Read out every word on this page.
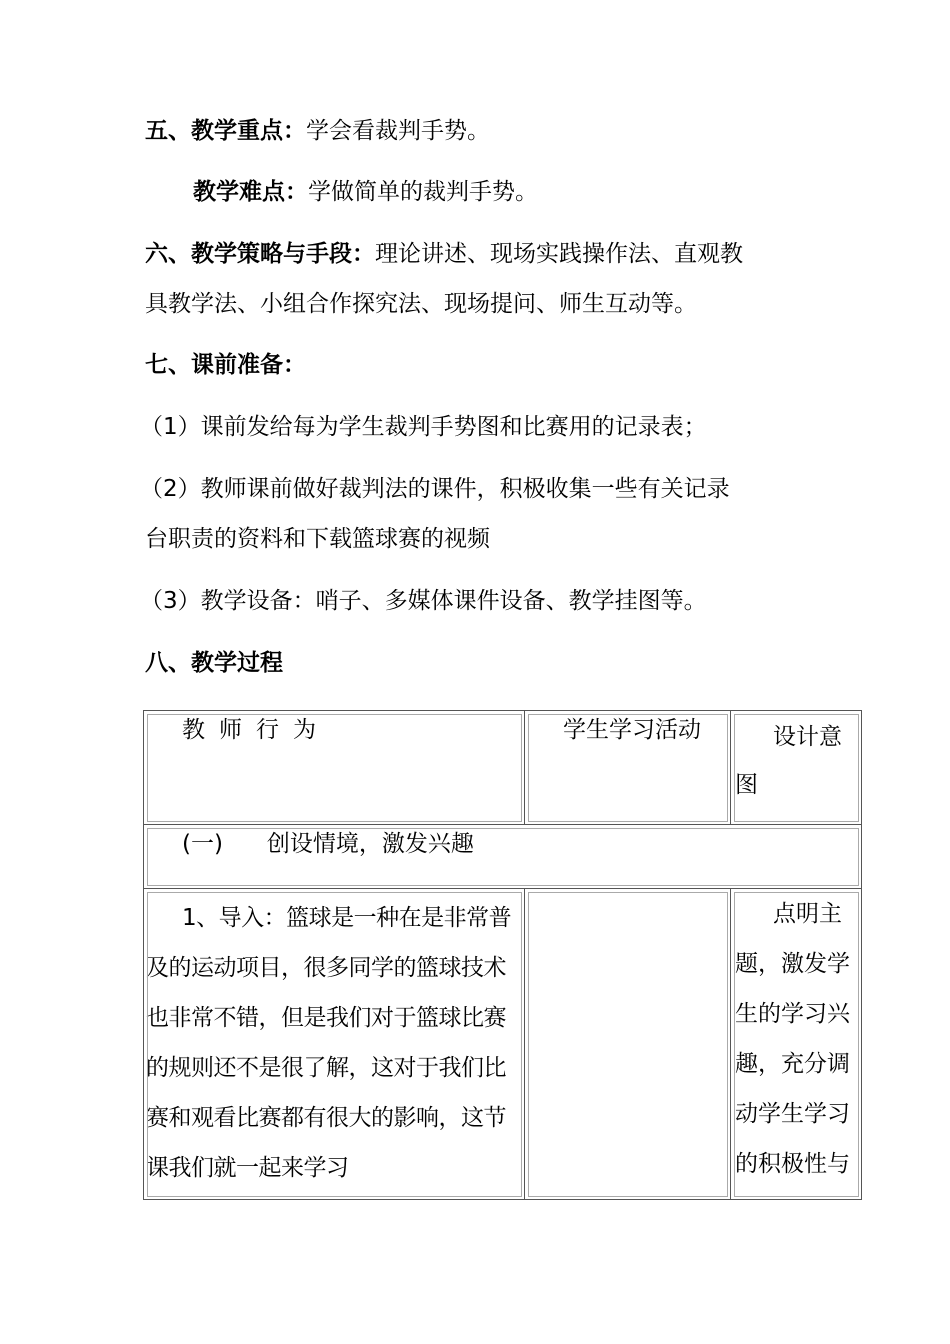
五、教学重点：学会看裁判手势。
教学难点：学做简单的裁判手势。
六、教学策略与手段：理论讲述、现场实践操作法、直观教
具教学法、小组合作探究法、现场提问、师生互动等。
七、课前准备：
（1）课前发给每为学生裁判手势图和比赛用的记录表；
（2）教师课前做好裁判法的课件，积极收集一些有关记录
台职责的资料和下载篮球赛的视频
（3）教学设备：哨子、多媒体课件设备、教学挂图等。
八、教学过程
教师行为	学生学习活动	设计意图

(一)      创设情境，激发兴趣		

1、导入：篮球是一种在是非常普及的运动项目，很多同学的篮球技术也非常不错，但是我们对于篮球比赛的规则还不是很了解，这对于我们比赛和观看比赛都有很大的影响，这节课我们就一起来学习		点明主题，激发学生的学习兴趣，充分调动学生学习的积极性与
